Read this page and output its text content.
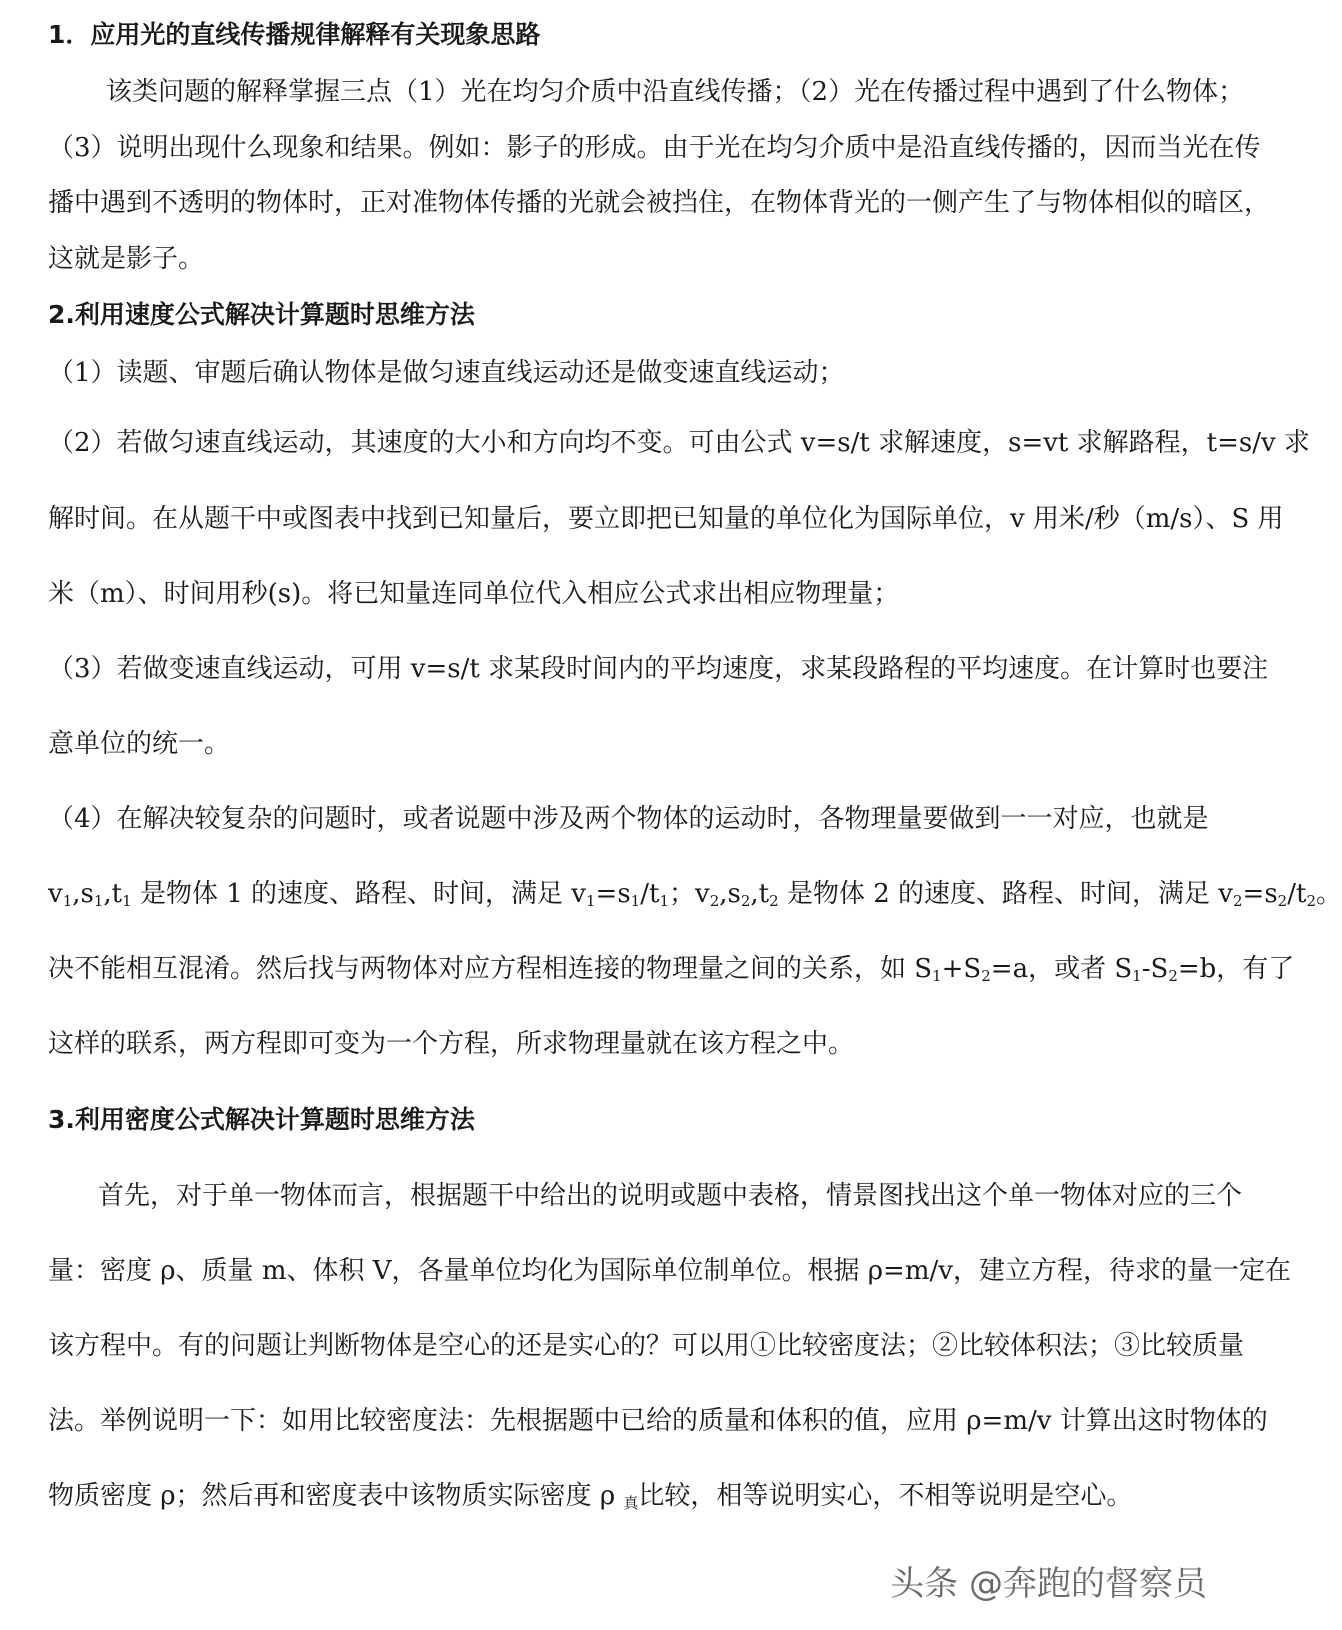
1．应用光的直线传播规律解释有关现象思路
该类问题的解释掌握三点（1）光在均匀介质中沿直线传播；（2）光在传播过程中遇到了什么物体；
（3）说明出现什么现象和结果。例如：影子的形成。由于光在均匀介质中是沿直线传播的，因而当光在传
播中遇到不透明的物体时，正对准物体传播的光就会被挡住，在物体背光的一侧产生了与物体相似的暗区，
这就是影子。
2.利用速度公式解决计算题时思维方法
（1）读题、审题后确认物体是做匀速直线运动还是做变速直线运动；
（2）若做匀速直线运动，其速度的大小和方向均不变。可由公式 v=s/t 求解速度，s=vt 求解路程，t=s/v 求
解时间。在从题干中或图表中找到已知量后，要立即把已知量的单位化为国际单位，v 用米/秒（m/s）、S 用
米（m）、时间用秒(s)。将已知量连同单位代入相应公式求出相应物理量；
（3）若做变速直线运动，可用 v=s/t 求某段时间内的平均速度，求某段路程的平均速度。在计算时也要注
意单位的统一。
（4）在解决较复杂的问题时，或者说题中涉及两个物体的运动时，各物理量要做到一一对应，也就是
$v_1,s_1,t_1$ 是物体 1 的速度、路程、时间，满足 $v_1=s_1/t_1$；$v_2,s_2,t_2$ 是物体 2 的速度、路程、时间，满足 $v_2=s_2/t_2$。
决不能相互混淆。然后找与两物体对应方程相连接的物理量之间的关系，如 $S_1+S_2=a$，或者 $S_1-S_2=b$，有了
这样的联系，两方程即可变为一个方程，所求物理量就在该方程之中。
3.利用密度公式解决计算题时思维方法
首先，对于单一物体而言，根据题干中给出的说明或题中表格，情景图找出这个单一物体对应的三个
量：密度 ρ、质量 m、体积 V，各量单位均化为国际单位制单位。根据 ρ=m/v，建立方程，待求的量一定在
该方程中。有的问题让判断物体是空心的还是实心的？可以用①比较密度法；②比较体积法；③比较质量
法。举例说明一下：如用比较密度法：先根据题中已给的质量和体积的值，应用 ρ=m/v 计算出这时物体的
物质密度 ρ；然后再和密度表中该物质实际密度 ρ $_真$比较，相等说明实心，不相等说明是空心。
头条 @奔跑的督察员
